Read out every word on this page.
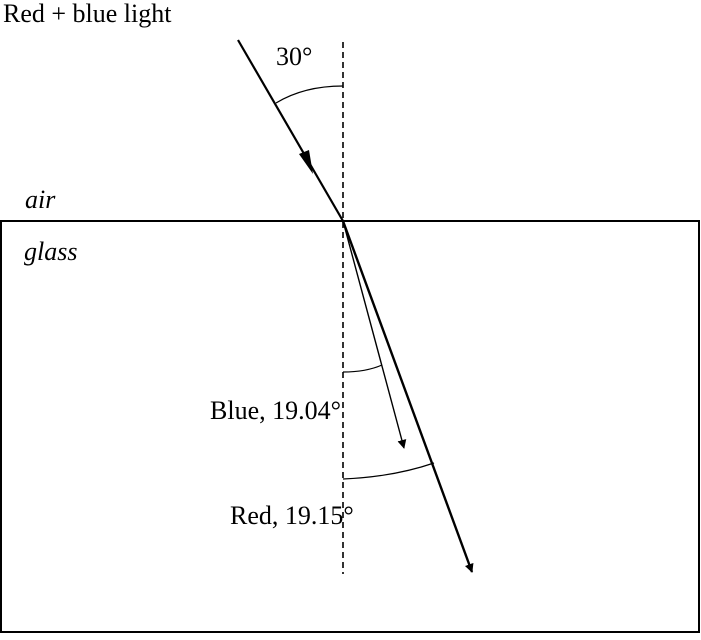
Red + blue light
30°
air
glass
Blue, 19.04°
Red, 19.15°
